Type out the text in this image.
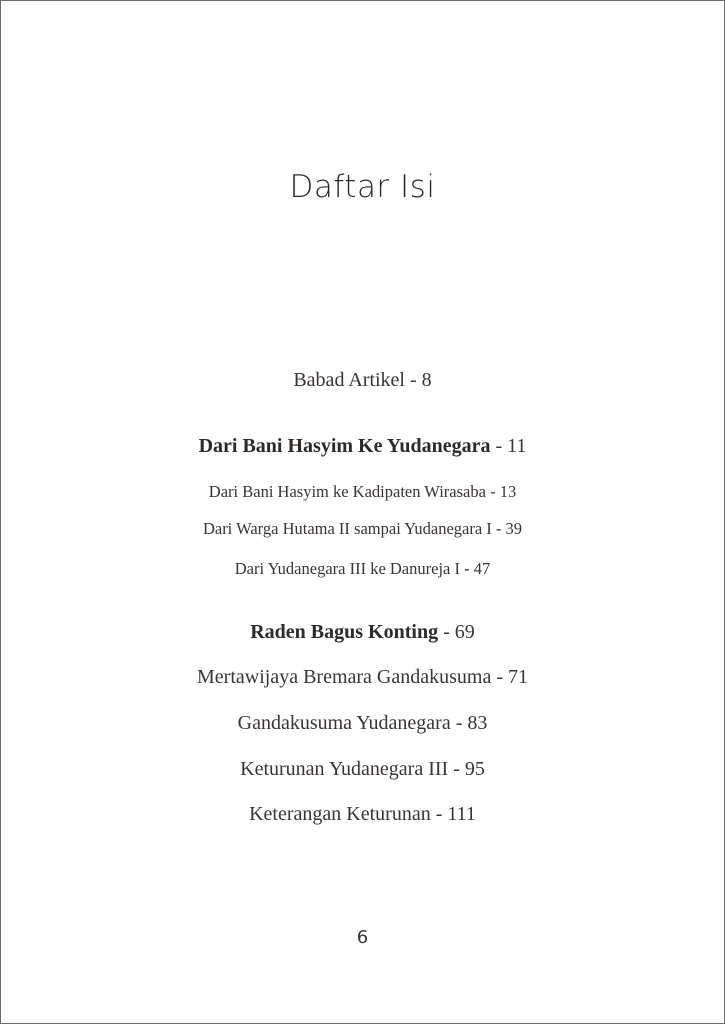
Daftar Isi
Babad Artikel - 8
Dari Bani Hasyim Ke Yudanegara - 11
Dari Bani Hasyim ke Kadipaten Wirasaba - 13
Dari Warga Hutama II sampai Yudanegara I - 39
Dari Yudanegara III ke Danureja I - 47
Raden Bagus Konting - 69
Mertawijaya Bremara Gandakusuma - 71
Gandakusuma Yudanegara - 83
Keturunan Yudanegara III - 95
Keterangan Keturunan - 111
6
